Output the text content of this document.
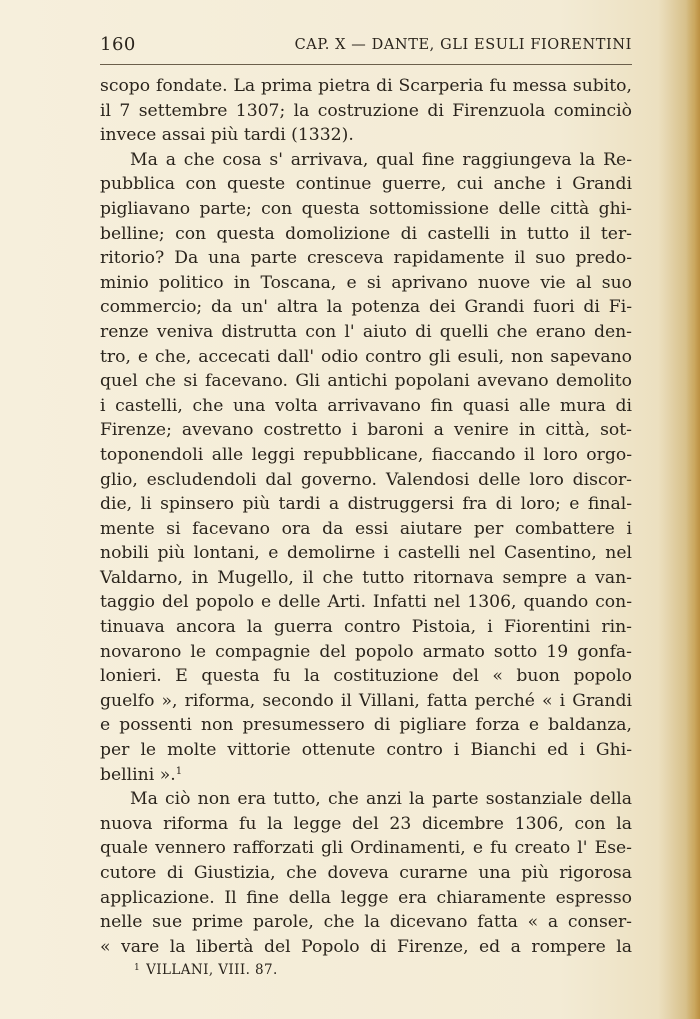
160	CAP. X — DANTE, GLI ESULI FIORENTINI
scopo fondate. La prima pietra di Scarperia fu messa subito,
il 7 settembre 1307; la costruzione di Firenzuola cominciò
invece assai più tardi (1332).
Ma a che cosa s' arrivava, qual fine raggiungeva la Re-
pubblica con queste continue guerre, cui anche i Grandi
pigliavano parte; con questa sottomissione delle città ghi-
belline; con questa domolizione di castelli in tutto il ter-
ritorio? Da una parte cresceva rapidamente il suo predo-
minio politico in Toscana, e si aprivano nuove vie al suo
commercio; da un' altra la potenza dei Grandi fuori di Fi-
renze veniva distrutta con l' aiuto di quelli che erano den-
tro, e che, accecati dall' odio contro gli esuli, non sapevano
quel che si facevano. Gli antichi popolani avevano demolito
i castelli, che una volta arrivavano fin quasi alle mura di
Firenze; avevano costretto i baroni a venire in città, sot-
toponendoli alle leggi repubblicane, fiaccando il loro orgo-
glio, escludendoli dal governo. Valendosi delle loro discor-
die, li spinsero più tardi a distruggersi fra di loro; e final-
mente si facevano ora da essi aiutare per combattere i
nobili più lontani, e demolirne i castelli nel Casentino, nel
Valdarno, in Mugello, il che tutto ritornava sempre a van-
taggio del popolo e delle Arti. Infatti nel 1306, quando con-
tinuava ancora la guerra contro Pistoia, i Fiorentini rin-
novarono le compagnie del popolo armato sotto 19 gonfa-
lonieri. E questa fu la costituzione del « buon popolo
guelfo », riforma, secondo il Villani, fatta perché « i Grandi
e possenti non presumessero di pigliare forza e baldanza,
per le molte vittorie ottenute contro i Bianchi ed i Ghi-
bellini ».$^1$
Ma ciò non era tutto, che anzi la parte sostanziale della
nuova riforma fu la legge del 23 dicembre 1306, con la
quale vennero rafforzati gli Ordinamenti, e fu creato l' Ese-
cutore di Giustizia, che doveva curarne una più rigorosa
applicazione. Il fine della legge era chiaramente espresso
nelle sue prime parole, che la dicevano fatta « a conser-
« vare la libertà del Popolo di Firenze, ed a rompere la
$^1$ VILLANI, VIII. 87.
